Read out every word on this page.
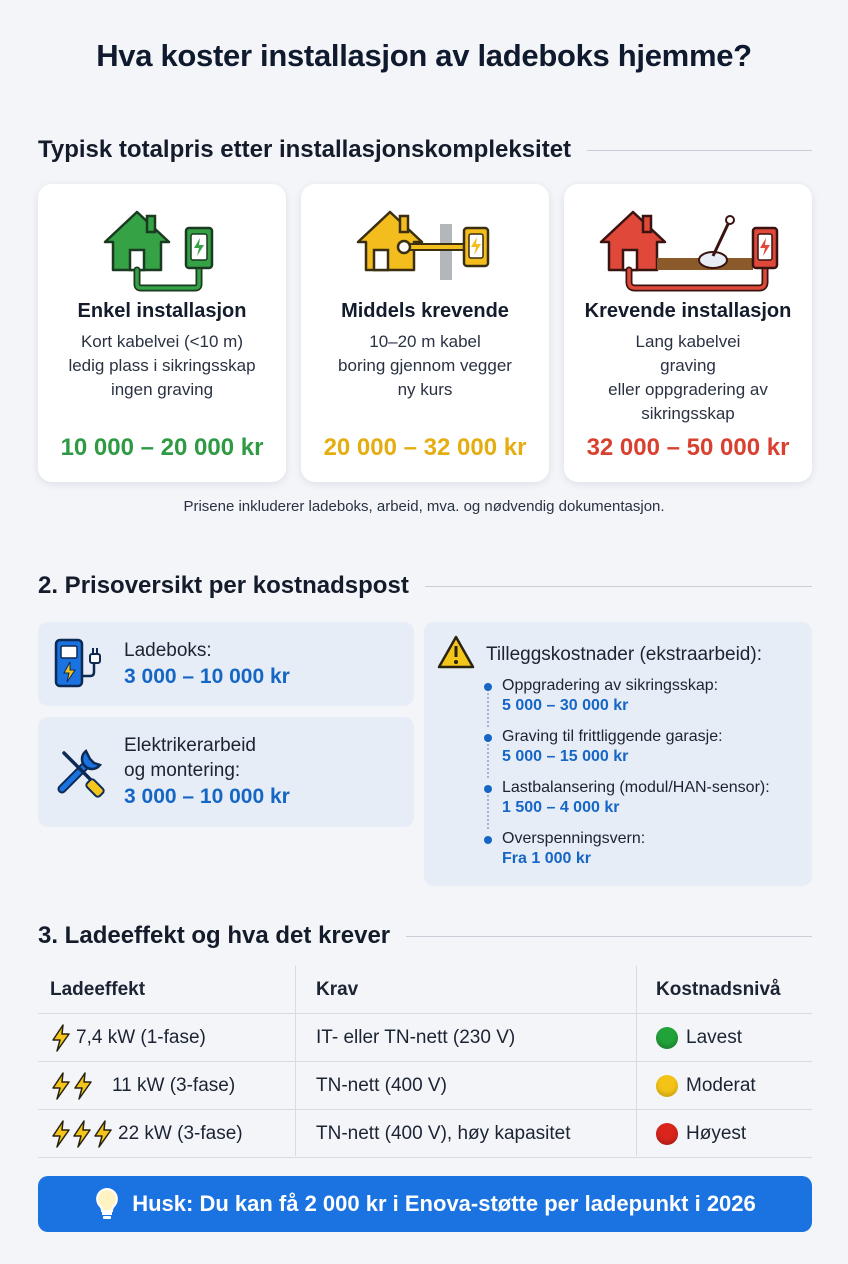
Hva koster installasjon av ladeboks hjemme?
Typisk totalpris etter installasjonskompleksitet
Enkel installasjon
Kort kabelvei (<10 m)
ledig plass i sikringsskap
ingen graving
10 000 – 20 000 kr
Middels krevende
10–20 m kabel
boring gjennom vegger
ny kurs
20 000 – 32 000 kr
Krevende installasjon
Lang kabelvei
graving
eller oppgradering av
sikringsskap
32 000 – 50 000 kr
Prisene inkluderer ladeboks, arbeid, mva. og nødvendig dokumentasjon.
2. Prisoversikt per kostnadspost
Ladeboks:
3 000 – 10 000 kr
Elektrikerarbeid
og montering:
3 000 – 10 000 kr
Tilleggskostnader (ekstraarbeid):
Oppgradering av sikringsskap:
5 000 – 30 000 kr
Graving til frittliggende garasje:
5 000 – 15 000 kr
Lastbalansering (modul/HAN-sensor):
1 500 – 4 000 kr
Overspenningsvern:
Fra 1 000 kr
3. Ladeeffekt og hva det krever
Ladeeffekt	Krav	Kostnadsnivå
7,4 kW (1-fase)	IT- eller TN-nett (230 V)	Lavest
11 kW (3-fase)	TN-nett (400 V)	Moderat
22 kW (3-fase)	TN-nett (400 V), høy kapasitet	Høyest
Husk: Du kan få 2 000 kr i Enova-støtte per ladepunkt i 2026
